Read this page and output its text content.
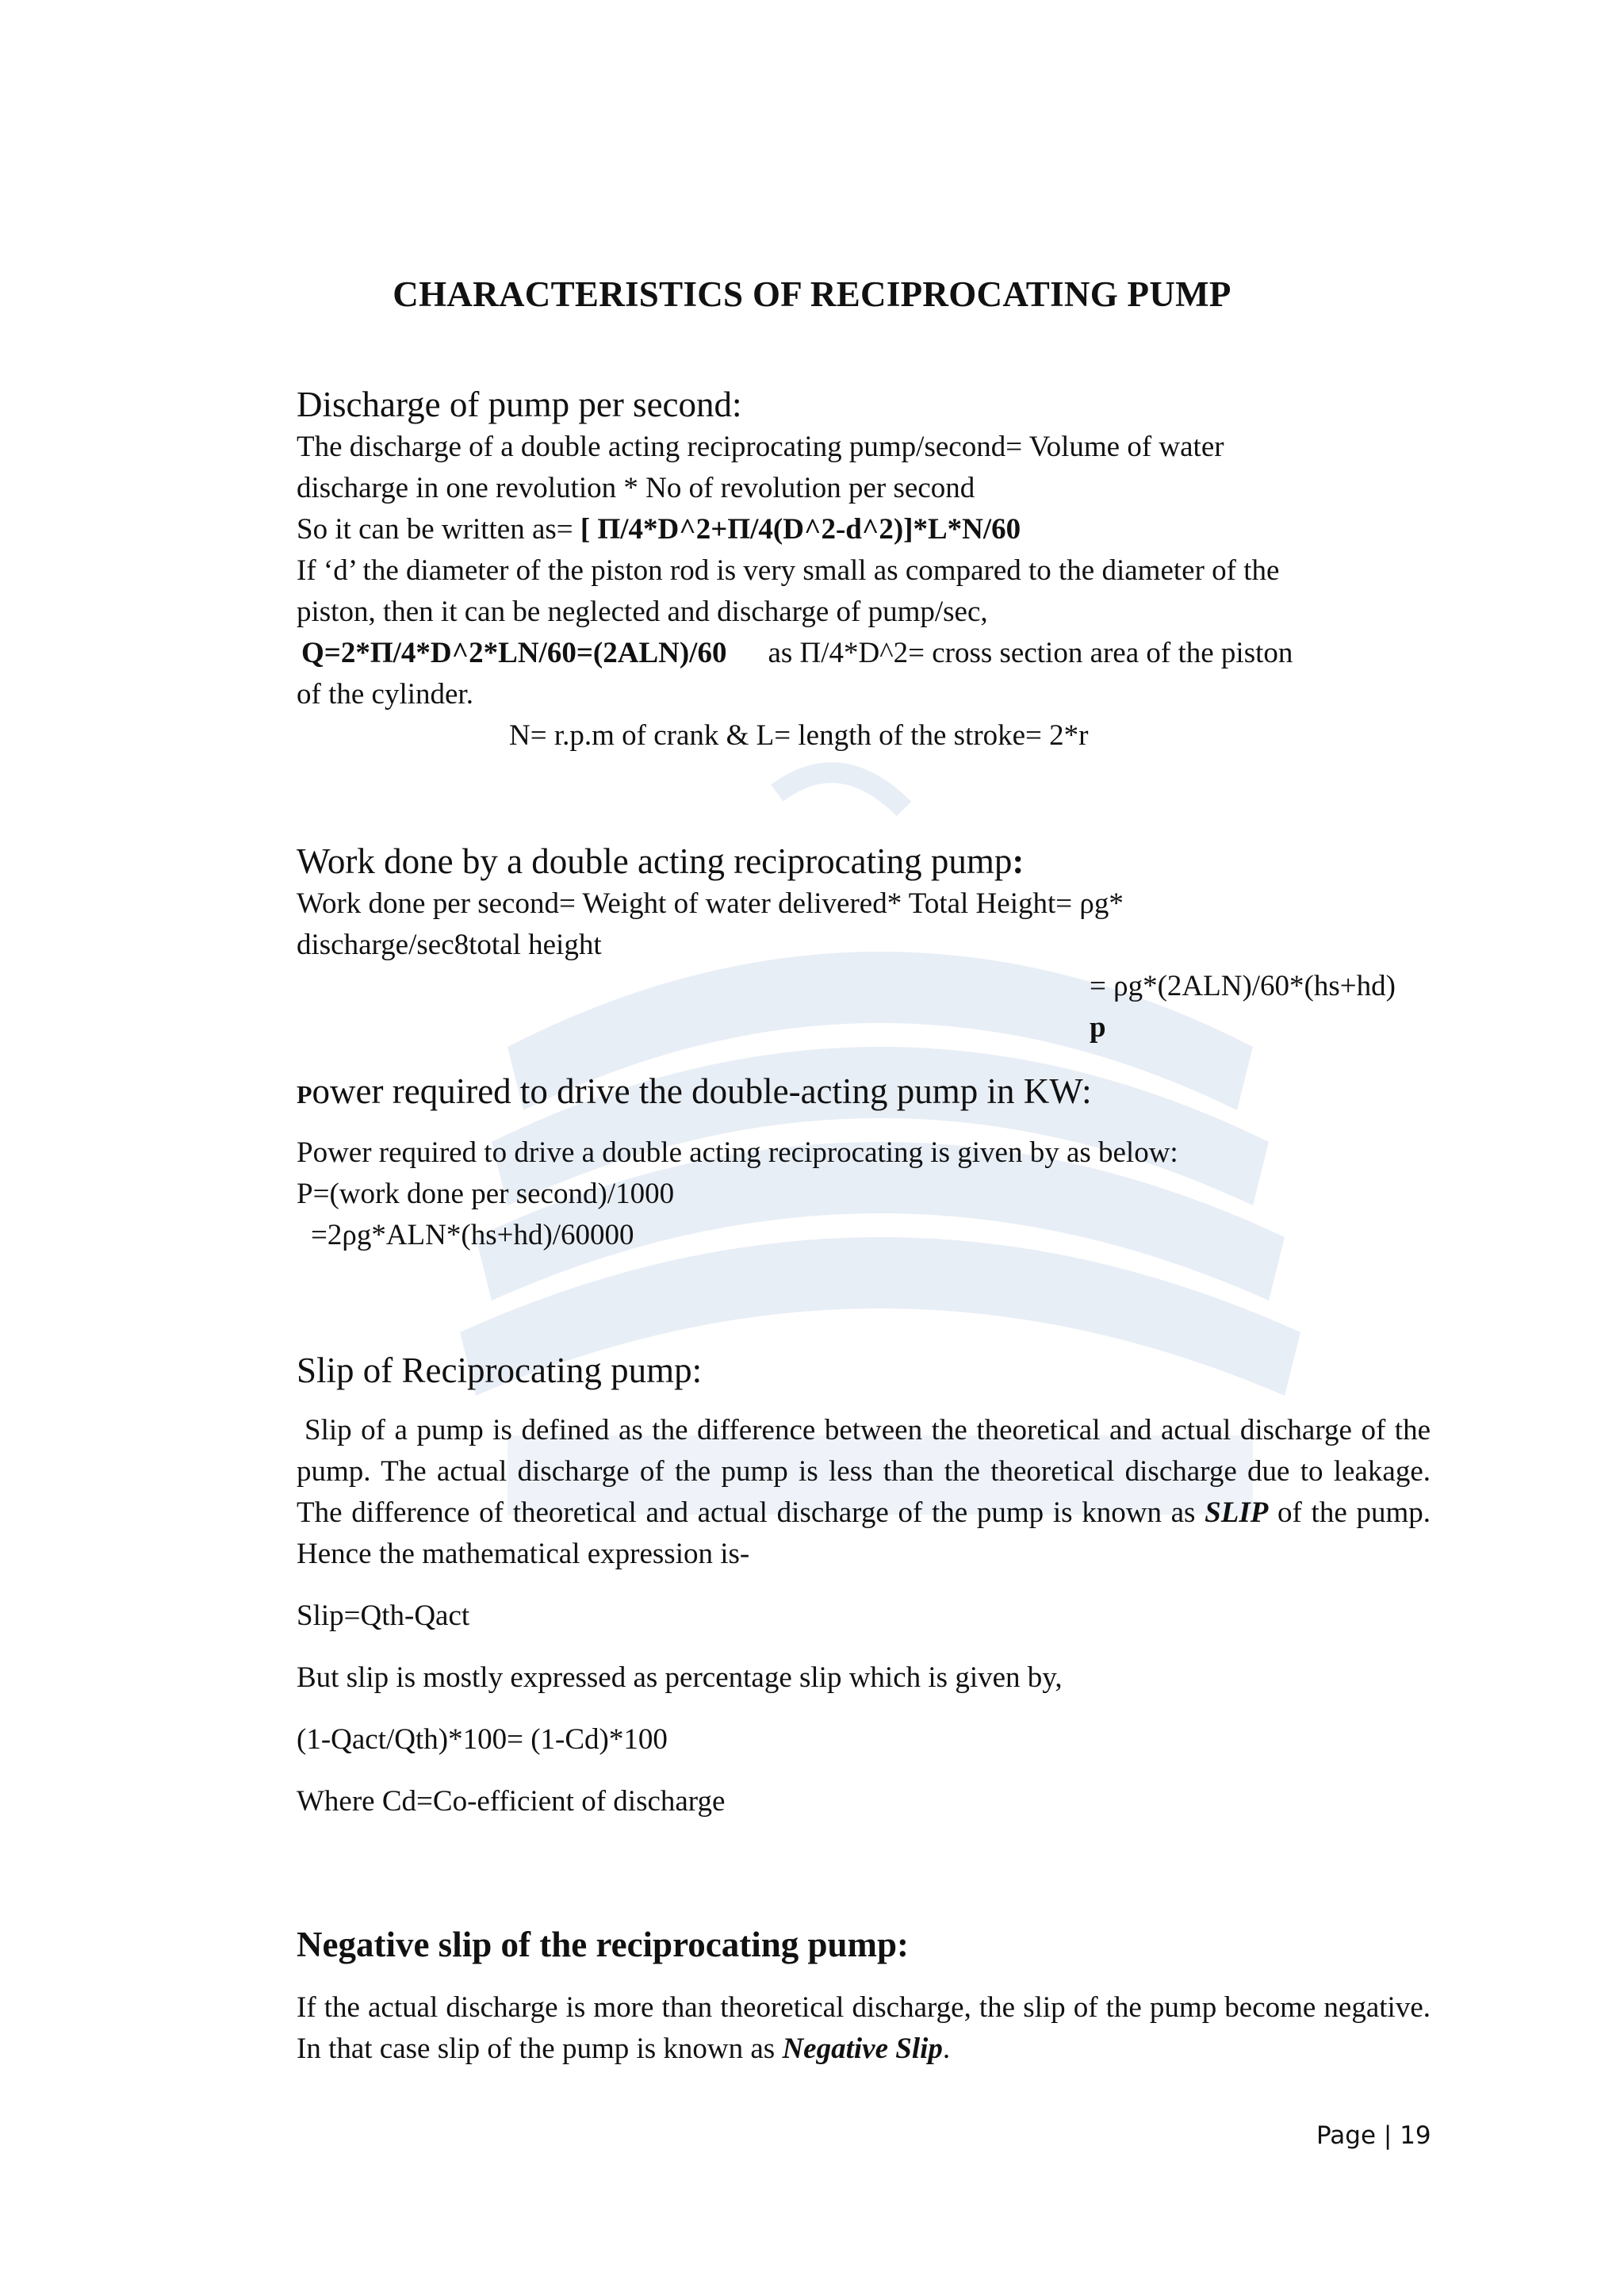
CHARACTERISTICS OF RECIPROCATING PUMP
Discharge of pump per second:

The discharge of a double acting reciprocating pump/second= Volume of water

discharge in one revolution * No of revolution per second

So it can be written as= [ Π/4*D^2+Π/4(D^2-d^2)]*L*N/60

If ‘d’ the diameter of the piston rod is very small as compared to the diameter of the

piston, then it can be neglected and discharge of pump/sec,

Q=2*Π/4*D^2*LN/60=(2ALN)/60 as Π/4*D^2= cross section area of the piston

of the cylinder.

N= r.p.m of crank & L= length of the stroke= 2*r

Work done by a double acting reciprocating pump:

Work done per second= Weight of water delivered* Total Height= ρg*

discharge/sec8total height

= ρg*(2ALN)/60*(hs+hd)

p

Power required to drive the double-acting pump in KW:

Power required to drive a double acting reciprocating is given by as below:

P=(work done per second)/1000

=2ρg*ALN*(hs+hd)/60000

Slip of Reciprocating pump:

Slip of a pump is defined as the difference between the theoretical and actual discharge of the pump. The actual discharge of the pump is less than the theoretical discharge due to leakage. The difference of theoretical and actual discharge of the pump is known as SLIP of the pump. Hence the mathematical expression is-

Slip=Qth-Qact

But slip is mostly expressed as percentage slip which is given by,

(1-Qact/Qth)*100= (1-Cd)*100

Where Cd=Co-efficient of discharge

Negative slip of the reciprocating pump:

If the actual discharge is more than theoretical discharge, the slip of the pump become negative. In that case slip of the pump is known as Negative Slip.

Page | 19
